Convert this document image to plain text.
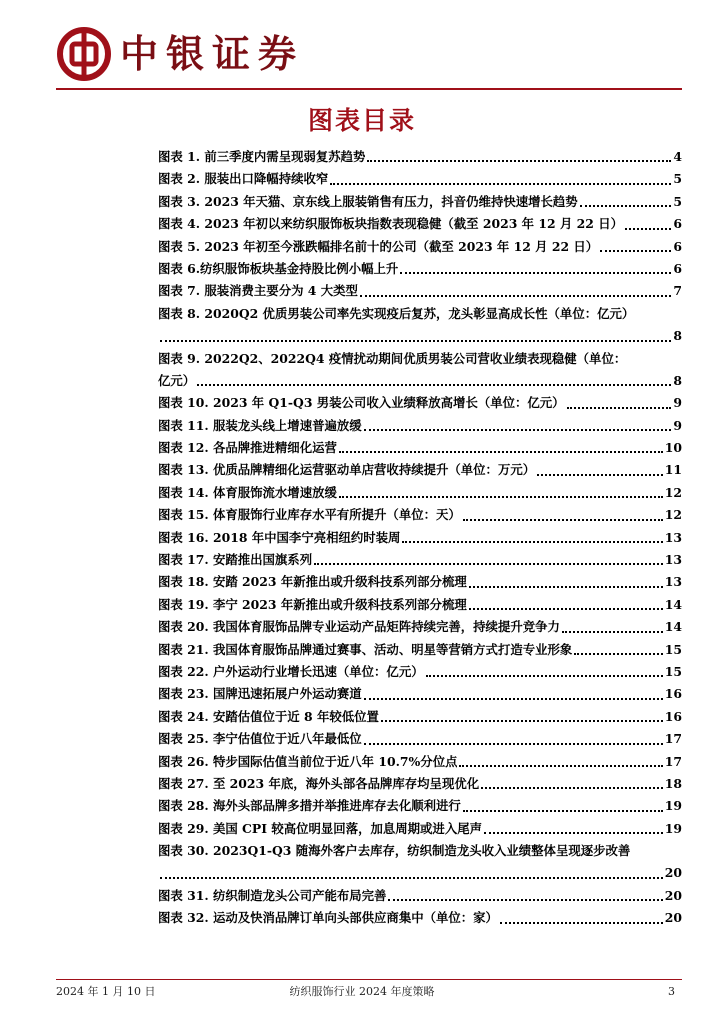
中银证券
图表目录
图表 1. 前三季度内需呈现弱复苏趋势	4
图表 2. 服装出口降幅持续收窄	5
图表 3. 2023 年天猫、京东线上服装销售有压力，抖音仍维持快速增长趋势	5
图表 4. 2023 年初以来纺织服饰板块指数表现稳健（截至 2023 年 12 月 22 日）	6
图表 5. 2023 年初至今涨跌幅排名前十的公司（截至 2023 年 12 月 22 日）	6
图表 6.纺织服饰板块基金持股比例小幅上升	6
图表 7. 服装消费主要分为 4 大类型	7
图表 8. 2020Q2 优质男装公司率先实现疫后复苏，龙头彰显高成长性（单位：亿元）
8
图表 9. 2022Q2、2022Q4 疫情扰动期间优质男装公司营收业绩表现稳健（单位：
亿元）	8
图表 10. 2023 年 Q1-Q3 男装公司收入业绩释放高增长（单位：亿元）	9
图表 11. 服装龙头线上增速普遍放缓	9
图表 12. 各品牌推进精细化运营	10
图表 13. 优质品牌精细化运营驱动单店营收持续提升（单位：万元）	11
图表 14. 体育服饰流水增速放缓	12
图表 15. 体育服饰行业库存水平有所提升（单位：天）	12
图表 16. 2018 年中国李宁亮相纽约时装周	13
图表 17. 安踏推出国旗系列	13
图表 18. 安踏 2023 年新推出或升级科技系列部分梳理	13
图表 19. 李宁 2023 年新推出或升级科技系列部分梳理	14
图表 20. 我国体育服饰品牌专业运动产品矩阵持续完善，持续提升竞争力	14
图表 21. 我国体育服饰品牌通过赛事、活动、明星等营销方式打造专业形象	15
图表 22. 户外运动行业增长迅速（单位：亿元）	15
图表 23. 国牌迅速拓展户外运动赛道	16
图表 24. 安踏估值位于近 8 年较低位置	16
图表 25. 李宁估值位于近八年最低位	17
图表 26. 特步国际估值当前位于近八年 10.7%分位点	17
图表 27. 至 2023 年底，海外头部各品牌库存均呈现优化	18
图表 28. 海外头部品牌多措并举推进库存去化顺利进行	19
图表 29. 美国 CPI 较高位明显回落，加息周期或进入尾声	19
图表 30. 2023Q1-Q3 随海外客户去库存，纺织制造龙头收入业绩整体呈现逐步改善
20
图表 31. 纺织制造龙头公司产能布局完善	20
图表 32. 运动及快消品牌订单向头部供应商集中（单位：家）	20
2024 年 1 月 10 日	纺织服饰行业 2024 年度策略	3
